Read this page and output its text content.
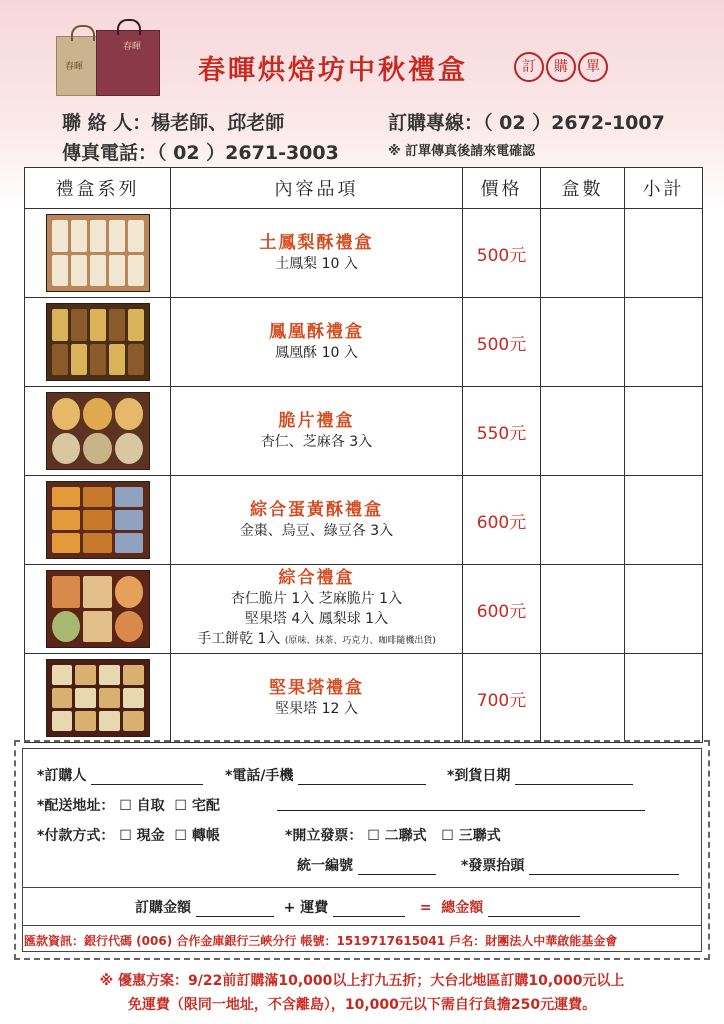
春暉
春暉
春暉烘焙坊中秋禮盒	訂	購	單
聯 絡 人：楊老師、邱老師	訂購專線：（ 02 ）2672-1007
傳真電話：（ 02 ）2671-3003	※ 訂單傳真後請來電確認
禮盒系列	內容品項	價格	盒數	小計

	土鳳梨酥禮盒
土鳳梨 10 入	500元		

	鳳凰酥禮盒
鳳凰酥 10 入	500元		

	脆片禮盒
杏仁、芝麻各 3入	550元		

	綜合蛋黃酥禮盒
金棗、烏豆、綠豆各 3入	600元		

	綜合禮盒
杏仁脆片 1入 芝麻脆片 1入
堅果塔 4入 鳳梨球 1入
手工餅乾 1入 (原味、抹茶、巧克力、咖啡隨機出貨)	600元		

	堅果塔禮盒
堅果塔 12 入	700元		
*訂購人	*電話/手機	*到貨日期
*配送地址： ☐ 自取 ☐ 宅配
*付款方式： ☐ 現金 ☐ 轉帳	*開立發票： ☐ 二聯式 ☐ 三聯式
統一編號	*發票抬頭
訂購金額	+ 運費	= 總金額
匯款資訊：銀行代碼 (006) 合作金庫銀行三峽分行 帳號：1519717615041 戶名：財團法人中華啟能基金會
※ 優惠方案：9/22前訂購滿10,000以上打九五折；大台北地區訂購10,000元以上
免運費（限同一地址，不含離島），10,000元以下需自行負擔250元運費。
